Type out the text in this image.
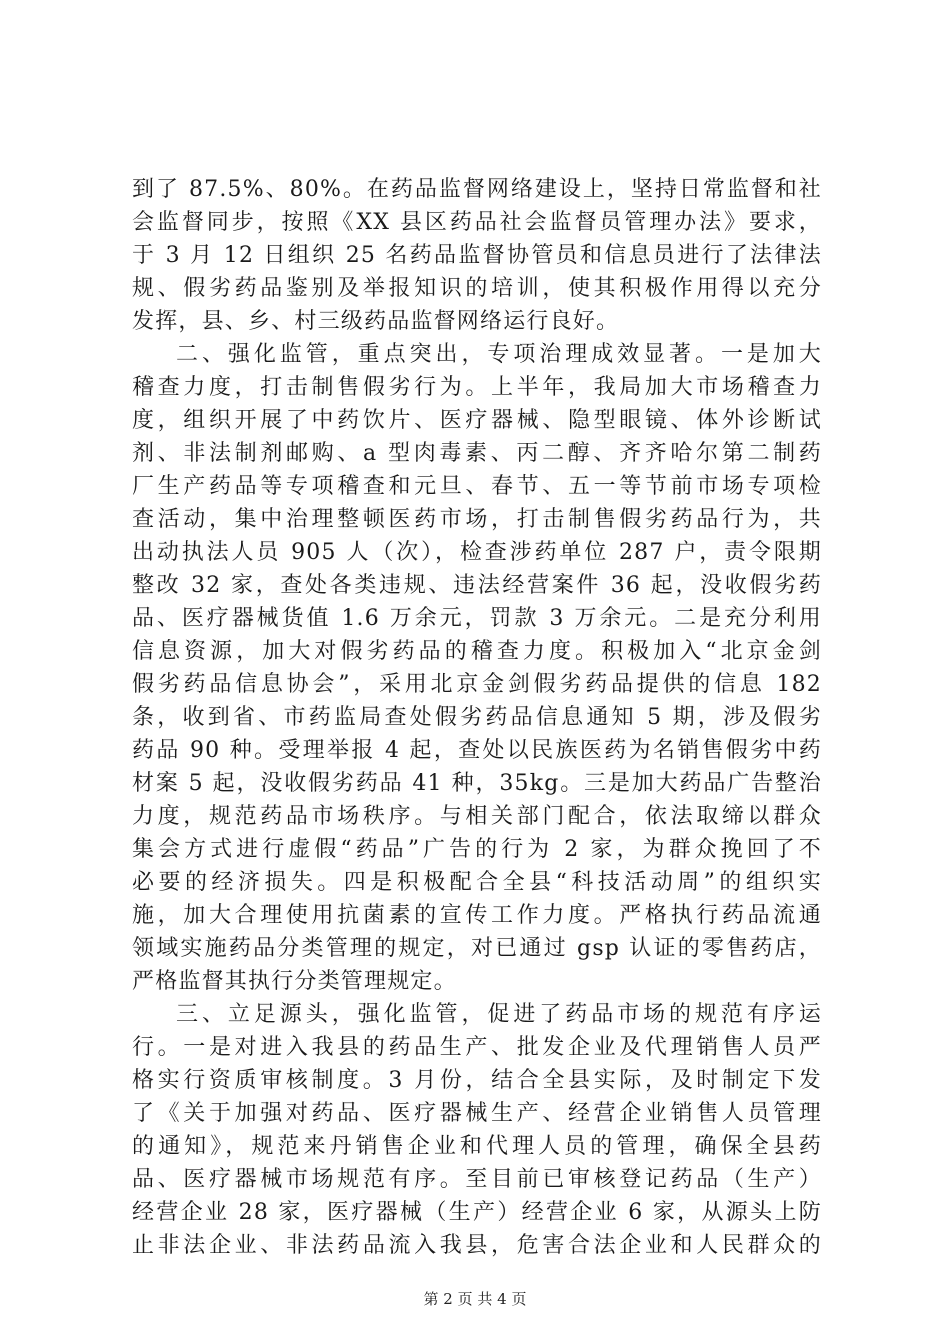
到了 87.5%、80%。在药品监督网络建设上，坚持日常监督和社
会监督同步，按照《XX 县区药品社会监督员管理办法》要求，
于 3 月 12 日组织 25 名药品监督协管员和信息员进行了法律法
规、假劣药品鉴别及举报知识的培训，使其积极作用得以充分
发挥，县、乡、村三级药品监督网络运行良好。
二、强化监管，重点突出，专项治理成效显著。一是加大
稽查力度，打击制售假劣行为。上半年，我局加大市场稽查力
度，组织开展了中药饮片、医疗器械、隐型眼镜、体外诊断试
剂、非法制剂邮购、a 型肉毒素、丙二醇、齐齐哈尔第二制药
厂生产药品等专项稽查和元旦、春节、五一等节前市场专项检
查活动，集中治理整顿医药市场，打击制售假劣药品行为，共
出动执法人员 905 人（次），检查涉药单位 287 户，责令限期
整改 32 家，查处各类违规、违法经营案件 36 起，没收假劣药
品、医疗器械货值 1.6 万余元，罚款 3 万余元。二是充分利用
信息资源，加大对假劣药品的稽查力度。积极加入“北京金剑
假劣药品信息协会”，采用北京金剑假劣药品提供的信息 182
条，收到省、市药监局查处假劣药品信息通知 5 期，涉及假劣
药品 90 种。受理举报 4 起，查处以民族医药为名销售假劣中药
材案 5 起，没收假劣药品 41 种，35kg。三是加大药品广告整治
力度，规范药品市场秩序。与相关部门配合，依法取缔以群众
集会方式进行虚假“药品”广告的行为 2 家，为群众挽回了不
必要的经济损失。四是积极配合全县“科技活动周”的组织实
施，加大合理使用抗菌素的宣传工作力度。严格执行药品流通
领域实施药品分类管理的规定，对已通过 gsp 认证的零售药店，
严格监督其执行分类管理规定。
三、立足源头，强化监管，促进了药品市场的规范有序运
行。一是对进入我县的药品生产、批发企业及代理销售人员严
格实行资质审核制度。3 月份，结合全县实际，及时制定下发
了《关于加强对药品、医疗器械生产、经营企业销售人员管理
的通知》，规范来丹销售企业和代理人员的管理，确保全县药
品、医疗器械市场规范有序。至目前已审核登记药品（生产）
经营企业 28 家，医疗器械（生产）经营企业 6 家，从源头上防
止非法企业、非法药品流入我县，危害合法企业和人民群众的
第 2 页 共 4 页
